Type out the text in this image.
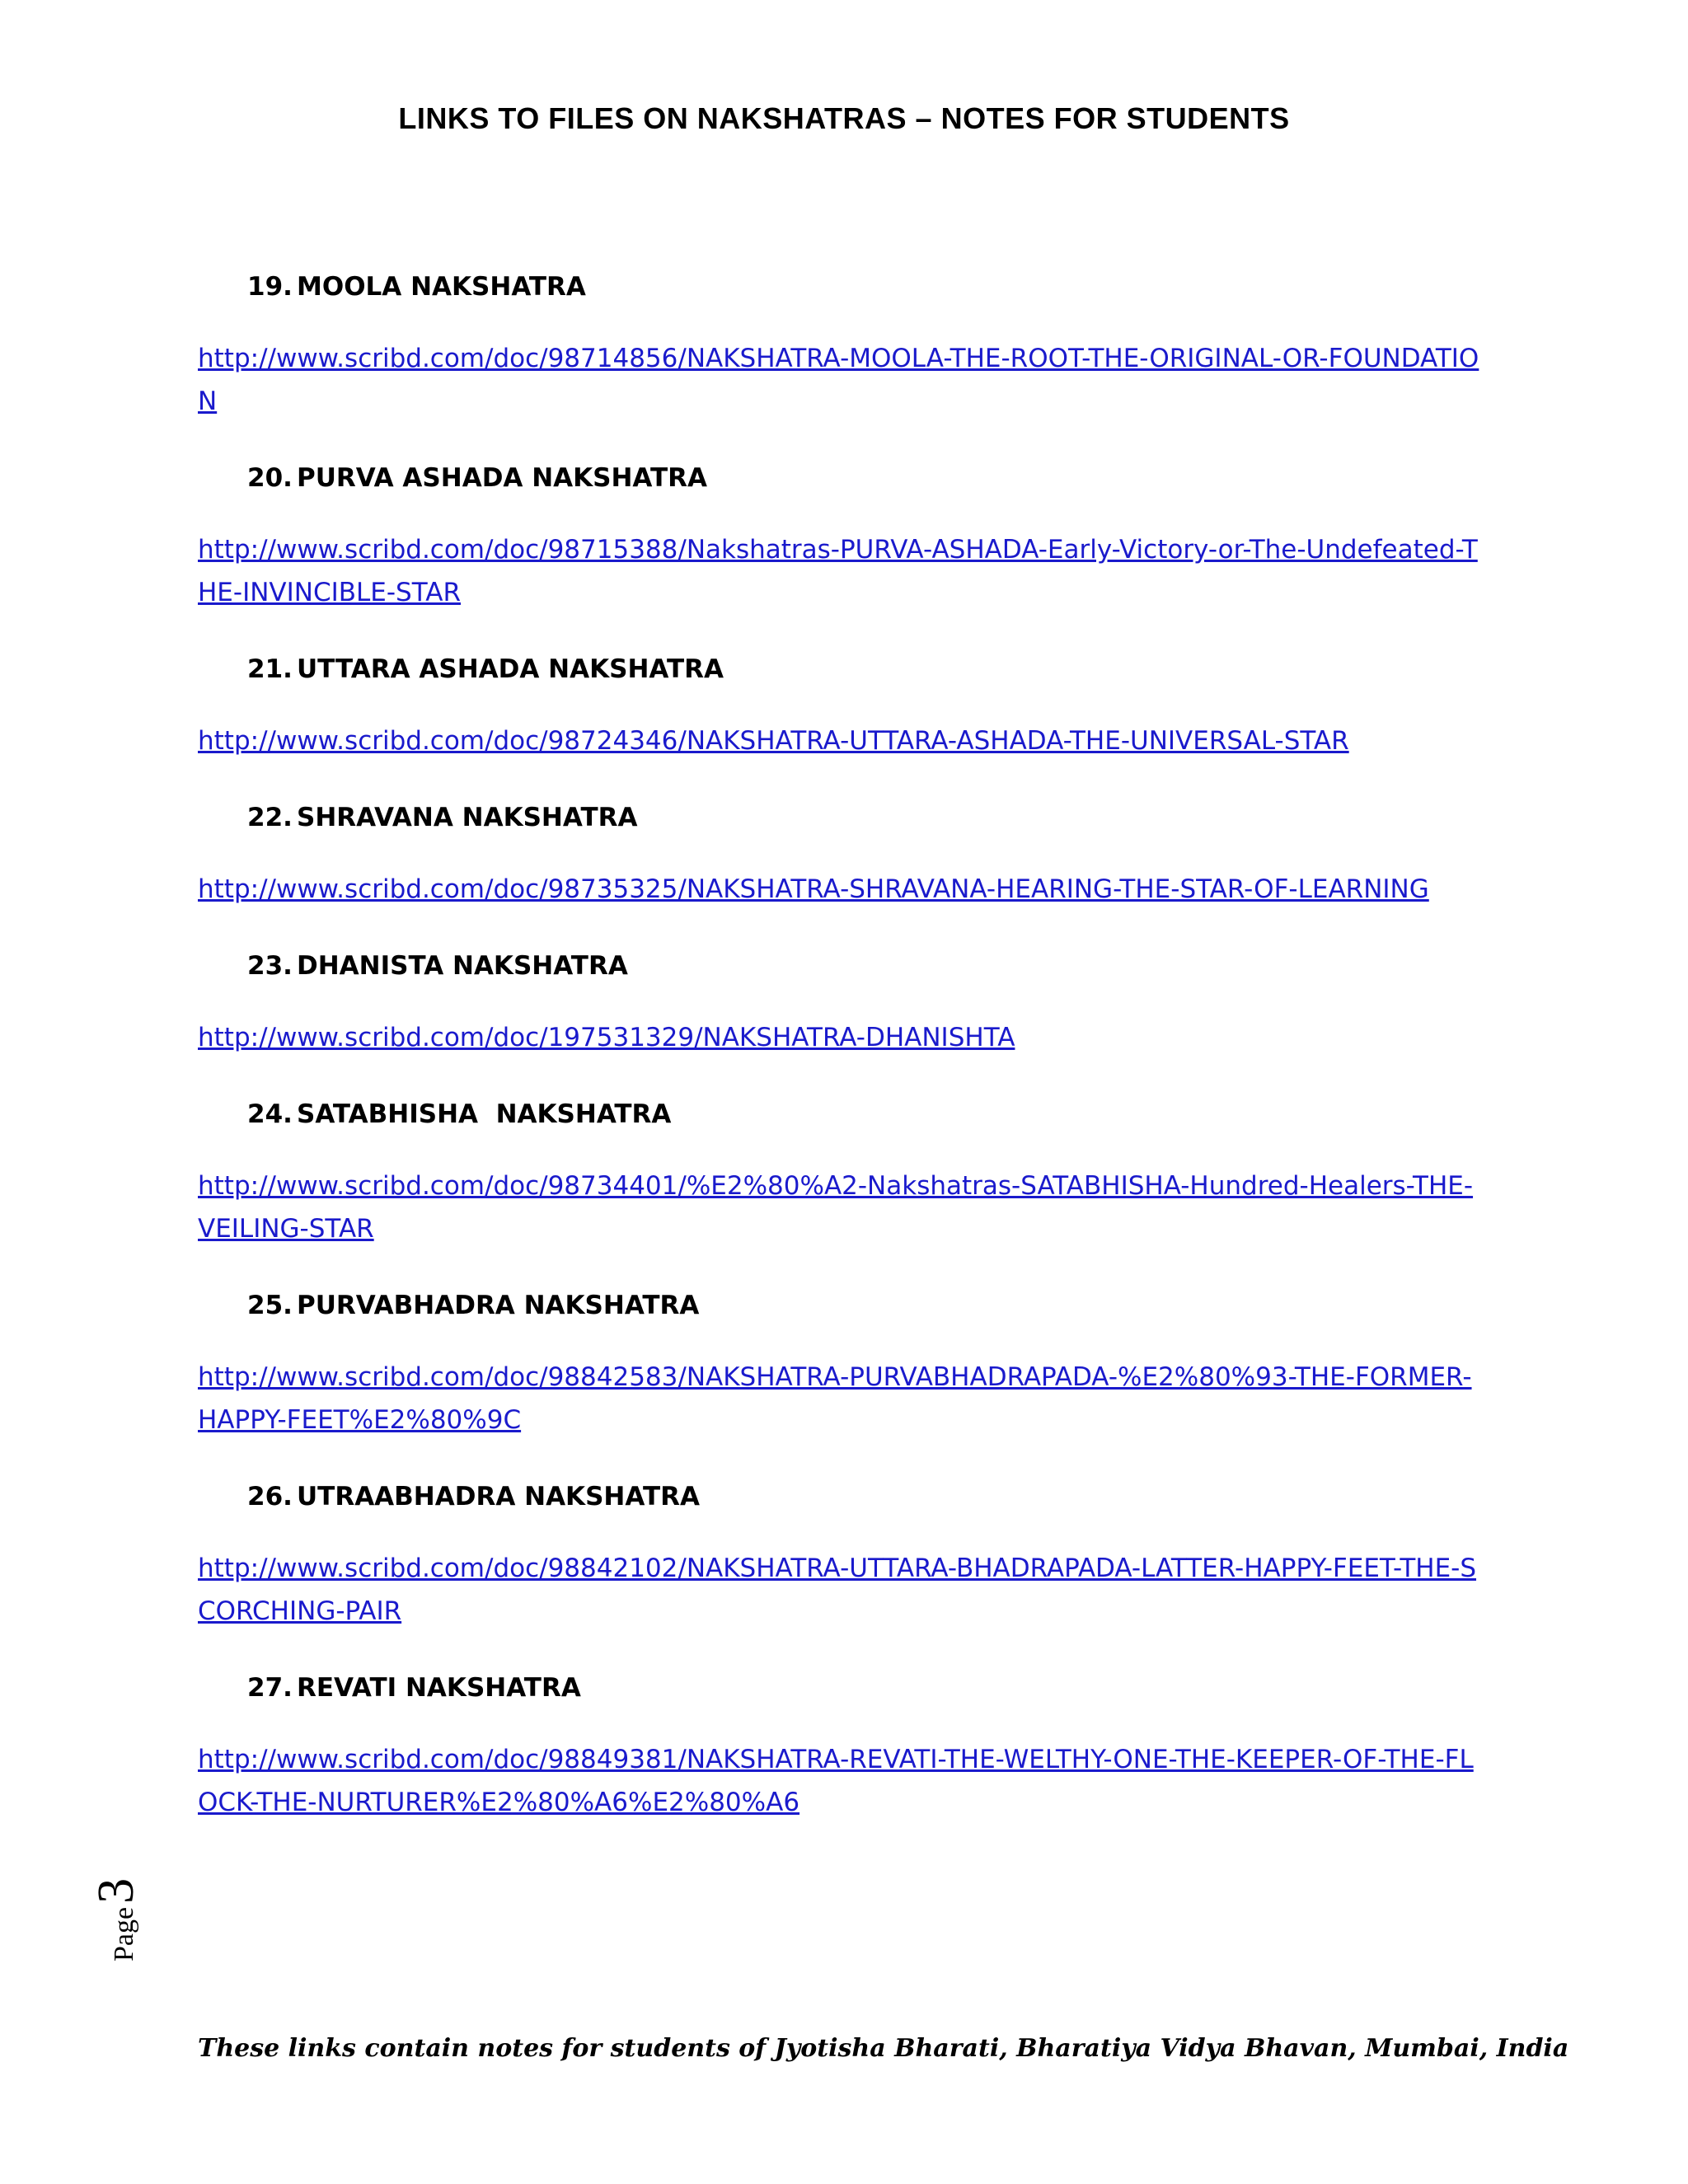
LINKS TO FILES ON NAKSHATRAS – NOTES FOR STUDENTS
19. MOOLA NAKSHATRA
http://www.scribd.com/doc/98714856/NAKSHATRA-MOOLA-THE-ROOT-THE-ORIGINAL-OR-FOUNDATION
20. PURVA ASHADA NAKSHATRA
http://www.scribd.com/doc/98715388/Nakshatras-PURVA-ASHADA-Early-Victory-or-The-Undefeated-THE-INVINCIBLE-STAR
21. UTTARA ASHADA NAKSHATRA
http://www.scribd.com/doc/98724346/NAKSHATRA-UTTARA-ASHADA-THE-UNIVERSAL-STAR
22. SHRAVANA NAKSHATRA
http://www.scribd.com/doc/98735325/NAKSHATRA-SHRAVANA-HEARING-THE-STAR-OF-LEARNING
23. DHANISTA NAKSHATRA
http://www.scribd.com/doc/197531329/NAKSHATRA-DHANISHTA
24. SATABHISHA  NAKSHATRA
http://www.scribd.com/doc/98734401/%E2%80%A2-Nakshatras-SATABHISHA-Hundred-Healers-THE-VEILING-STAR
25. PURVABHADRA NAKSHATRA
http://www.scribd.com/doc/98842583/NAKSHATRA-PURVABHADRAPADA-%E2%80%93-THE-FORMER-HAPPY-FEET%E2%80%9C
26. UTRAABHADRA NAKSHATRA
http://www.scribd.com/doc/98842102/NAKSHATRA-UTTARA-BHADRAPADA-LATTER-HAPPY-FEET-THE-SCORCHING-PAIR
27. REVATI NAKSHATRA
http://www.scribd.com/doc/98849381/NAKSHATRA-REVATI-THE-WELTHY-ONE-THE-KEEPER-OF-THE-FLOCK-THE-NURTURER%E2%80%A6%E2%80%A6
Page3
These links contain notes for students of Jyotisha Bharati, Bharatiya Vidya Bhavan, Mumbai, India
